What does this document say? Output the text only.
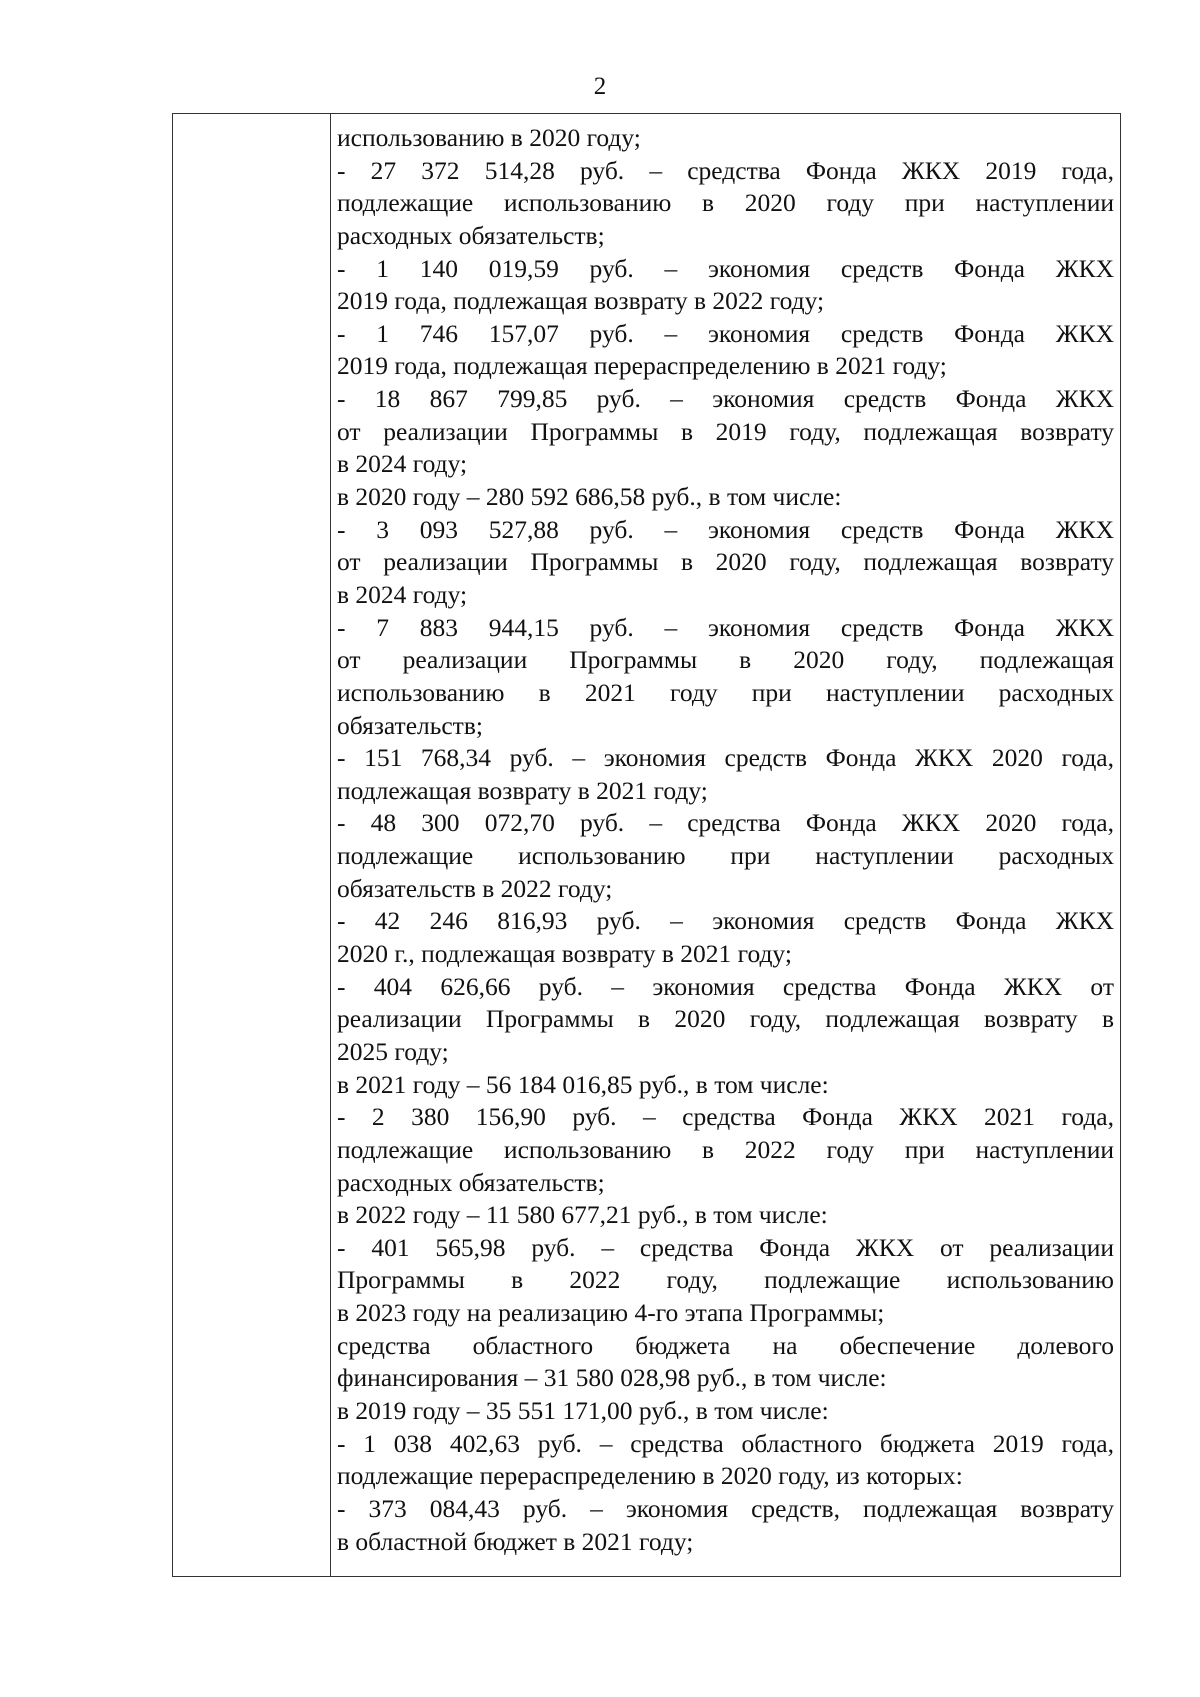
2
использованию в 2020 году;
- 27 372 514,28 руб. – средства Фонда ЖКХ 2019 года,
подлежащие использованию в 2020 году при наступлении
расходных обязательств;
- 1 140 019,59 руб. – экономия средств Фонда ЖКХ
2019 года, подлежащая возврату в 2022 году;
- 1 746 157,07 руб. – экономия средств Фонда ЖКХ
2019 года, подлежащая перераспределению в 2021 году;
- 18 867 799,85 руб. – экономия средств Фонда ЖКХ
от реализации Программы в 2019 году, подлежащая возврату
в 2024 году;
в 2020 году – 280 592 686,58 руб., в том числе:
- 3 093 527,88 руб. – экономия средств Фонда ЖКХ
от реализации Программы в 2020 году, подлежащая возврату
в 2024 году;
- 7 883 944,15 руб. – экономия средств Фонда ЖКХ
от реализации Программы в 2020 году, подлежащая
использованию в 2021 году при наступлении расходных
обязательств;
- 151 768,34 руб. – экономия средств Фонда ЖКХ 2020 года,
подлежащая возврату в 2021 году;
- 48 300 072,70 руб. – средства Фонда ЖКХ 2020 года,
подлежащие использованию при наступлении расходных
обязательств в 2022 году;
- 42 246 816,93 руб. – экономия средств Фонда ЖКХ
2020 г., подлежащая возврату в 2021 году;
- 404 626,66 руб. – экономия средства Фонда ЖКХ от
реализации Программы в 2020 году, подлежащая возврату в
2025 году;
в 2021 году – 56 184 016,85 руб., в том числе:
- 2 380 156,90 руб. – средства Фонда ЖКХ 2021 года,
подлежащие использованию в 2022 году при наступлении
расходных обязательств;
в 2022 году – 11 580 677,21 руб., в том числе:
- 401 565,98 руб. – средства Фонда ЖКХ от реализации
Программы в 2022 году, подлежащие использованию
в 2023 году на реализацию 4-го этапа Программы;
средства областного бюджета на обеспечение долевого
финансирования – 31 580 028,98 руб., в том числе:
в 2019 году – 35 551 171,00 руб., в том числе:
- 1 038 402,63 руб. – средства областного бюджета 2019 года,
подлежащие перераспределению в 2020 году, из которых:
- 373 084,43 руб. – экономия средств, подлежащая возврату
в областной бюджет в 2021 году;
